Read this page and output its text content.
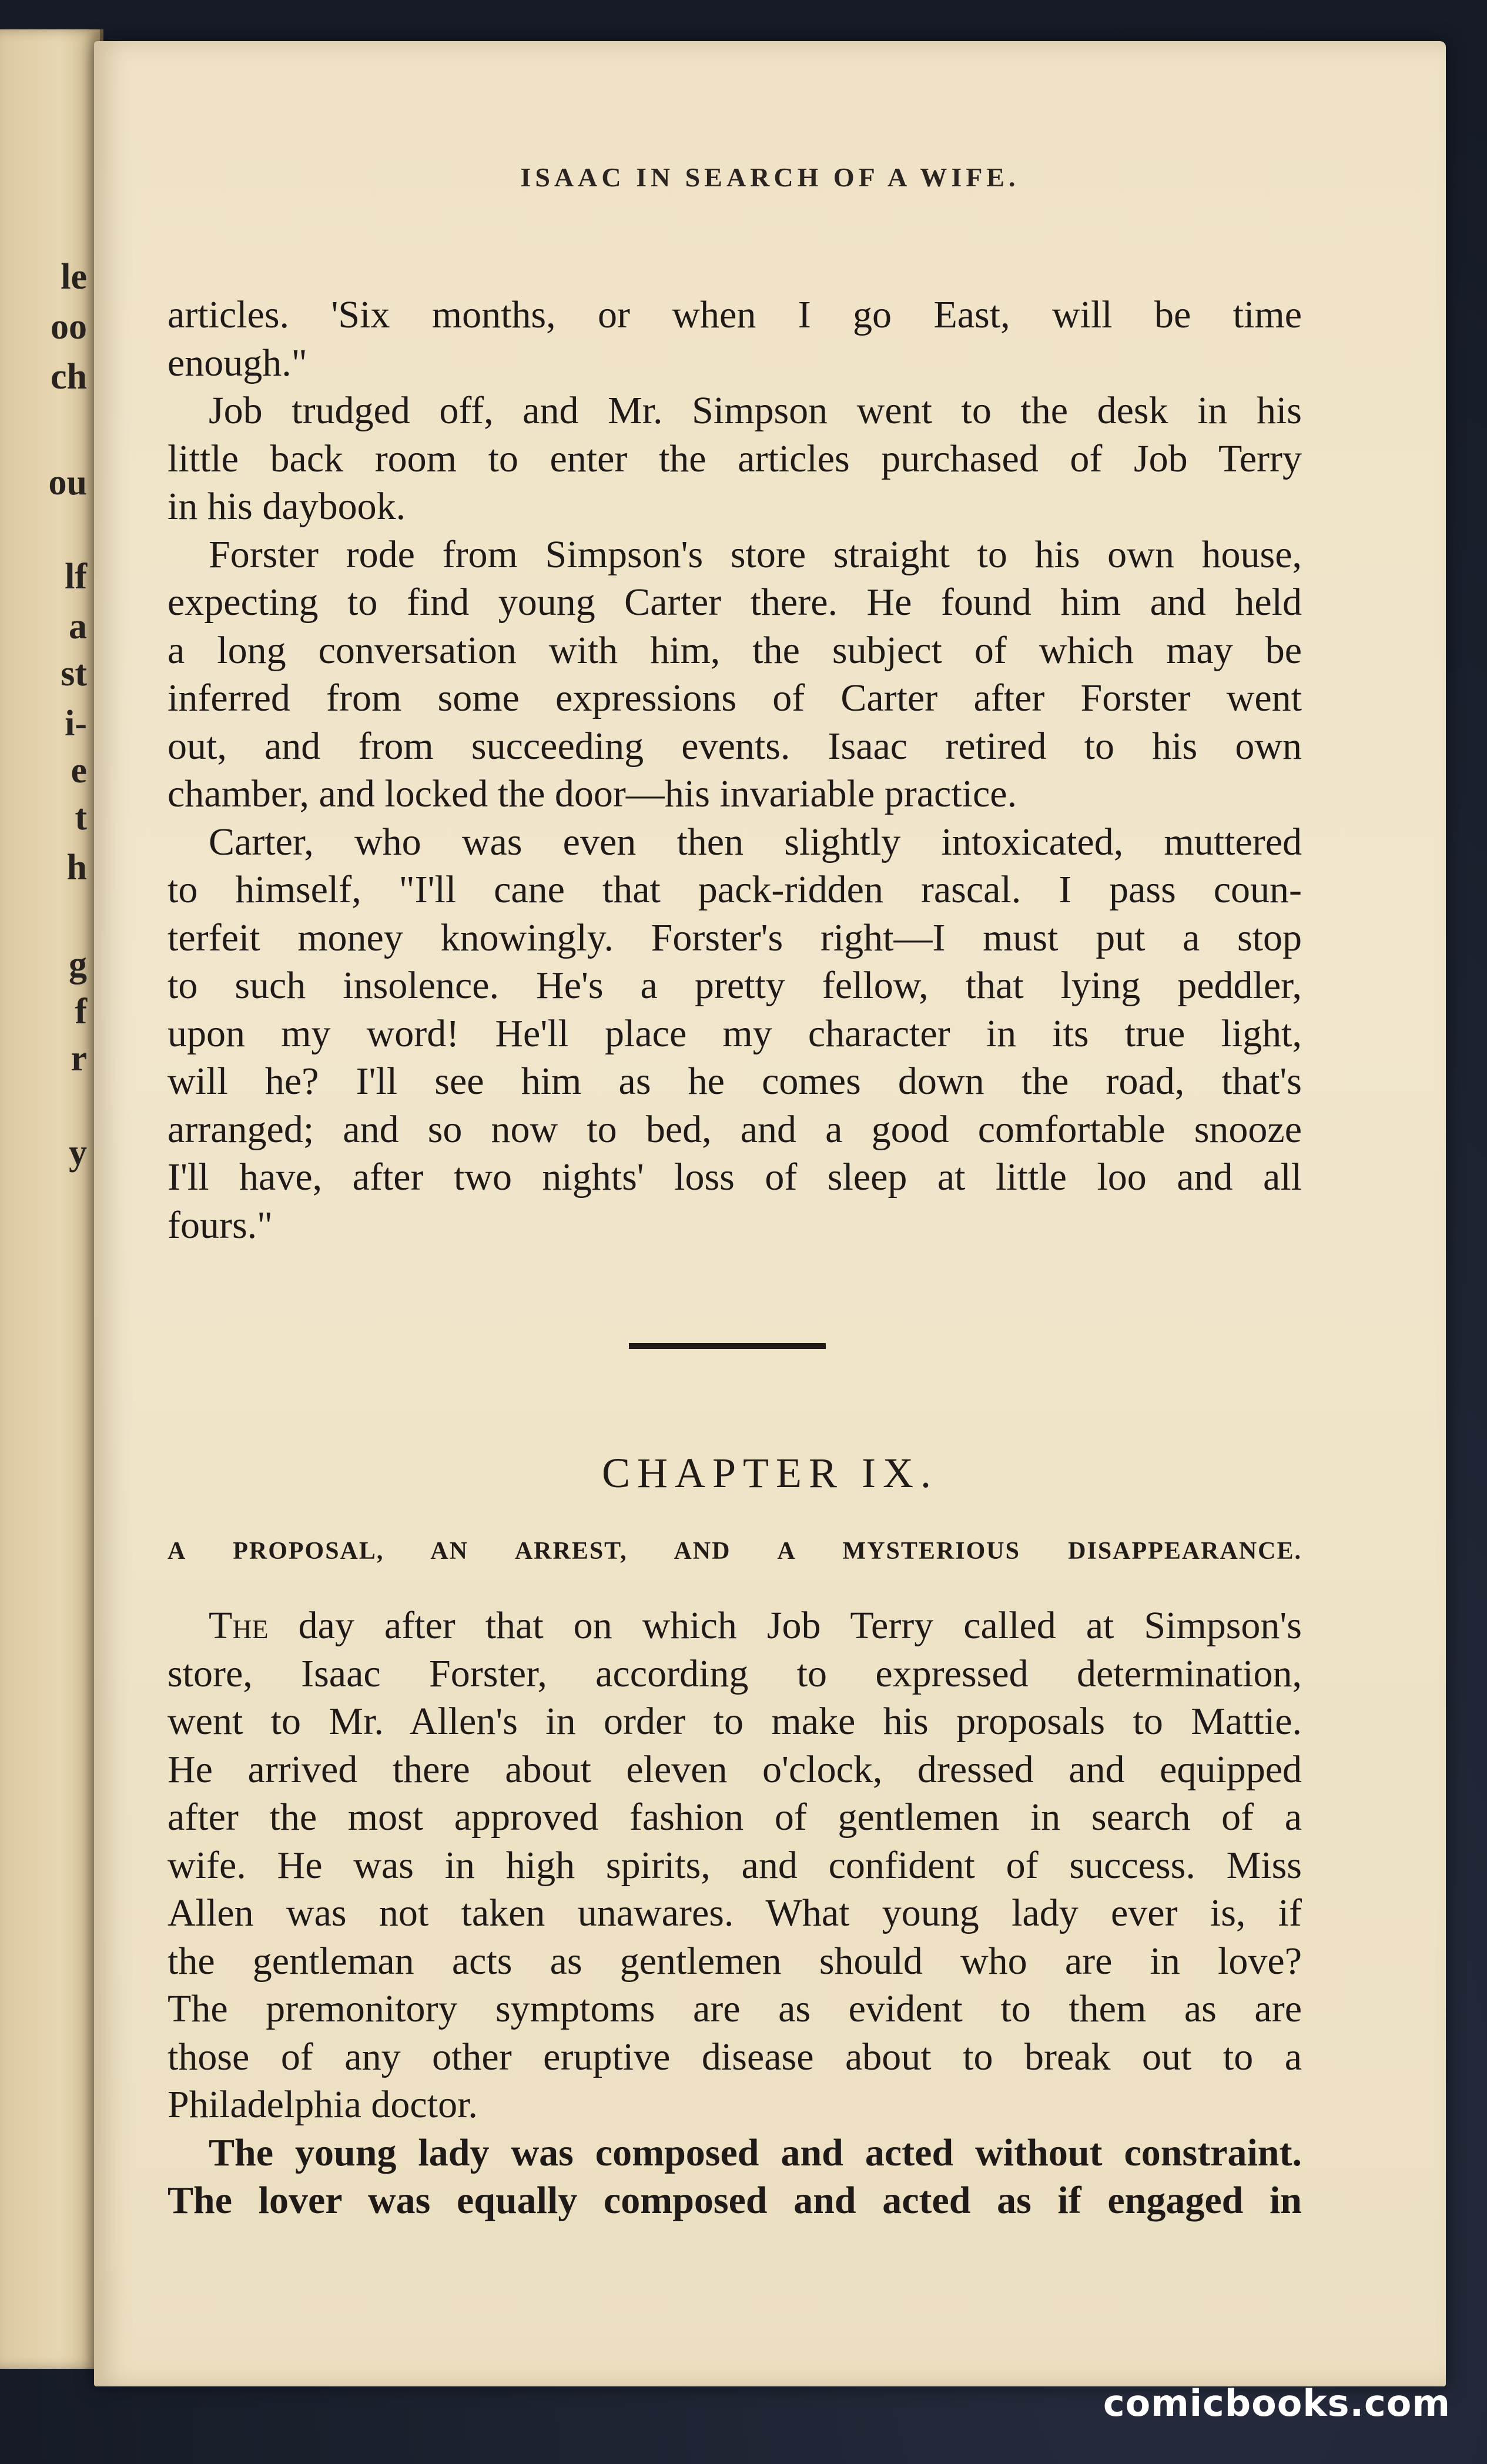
le
oo
ch
ou
lf
a
st
i-
e
t
h
g
f
r
y
ISAAC IN SEARCH OF A WIFE.
articles. 'Six months, or when I go East, will be time
enough."
Job trudged off, and Mr. Simpson went to the desk in his
little back room to enter the articles purchased of Job Terry
in his daybook.
Forster rode from Simpson's store straight to his own house,
expecting to find young Carter there. He found him and held
a long conversation with him, the subject of which may be
inferred from some expressions of Carter after Forster went
out, and from succeeding events. Isaac retired to his own
chamber, and locked the door—his invariable practice.
Carter, who was even then slightly intoxicated, muttered
to himself, "I'll cane that pack-ridden rascal. I pass coun-
terfeit money knowingly. Forster's right—I must put a stop
to such insolence. He's a pretty fellow, that lying peddler,
upon my word! He'll place my character in its true light,
will he? I'll see him as he comes down the road, that's
arranged; and so now to bed, and a good comfortable snooze
I'll have, after two nights' loss of sleep at little loo and all
fours."
CHAPTER IX.
A PROPOSAL, AN ARREST, AND A MYSTERIOUS DISAPPEARANCE.
The day after that on which Job Terry called at Simpson's
store, Isaac Forster, according to expressed determination,
went to Mr. Allen's in order to make his proposals to Mattie.
He arrived there about eleven o'clock, dressed and equipped
after the most approved fashion of gentlemen in search of a
wife. He was in high spirits, and confident of success. Miss
Allen was not taken unawares. What young lady ever is, if
the gentleman acts as gentlemen should who are in love?
The premonitory symptoms are as evident to them as are
those of any other eruptive disease about to break out to a
Philadelphia doctor.
The young lady was composed and acted without constraint.
The lover was equally composed and acted as if engaged in
comicbooks.com
